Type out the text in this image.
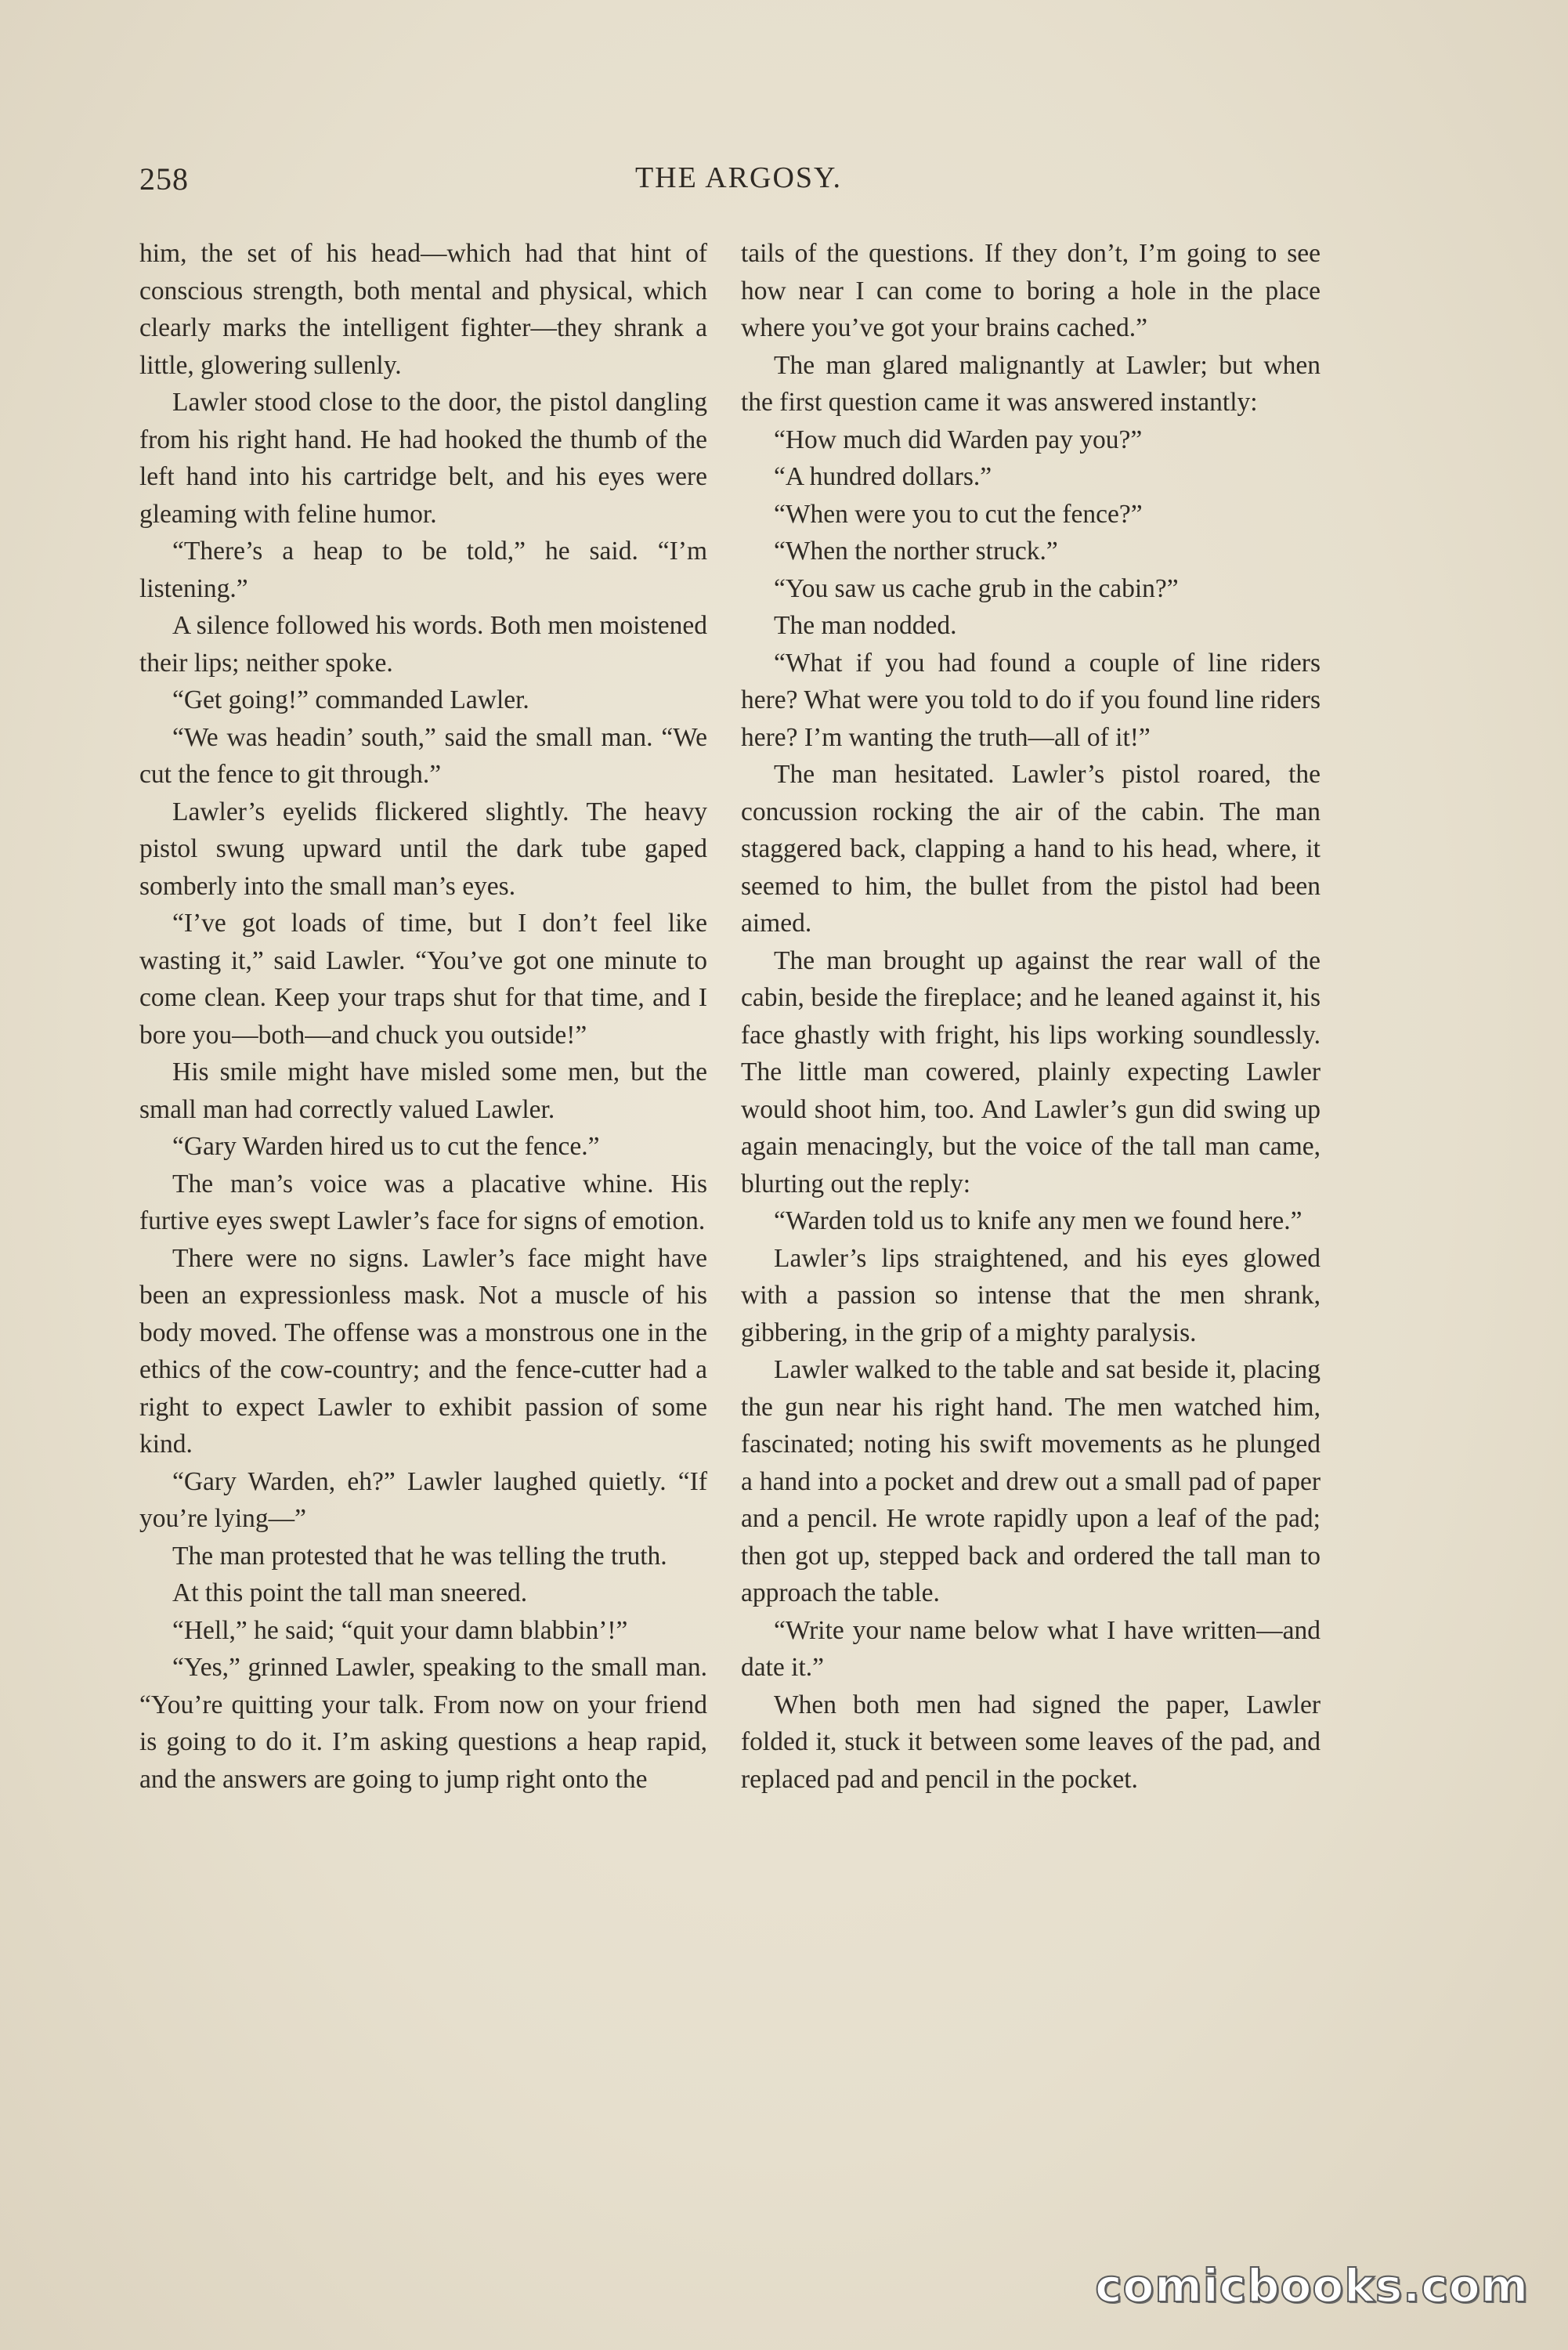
258	THE ARGOSY.

him, the set of his head—which had that hint of conscious strength, both mental and physical, which clearly marks the intelligent fighter—they shrank a little, glowering sullenly.

Lawler stood close to the door, the pistol dangling from his right hand. He had hooked the thumb of the left hand into his cartridge belt, and his eyes were gleaming with feline humor.

“There’s a heap to be told,” he said. “I’m listening.”

A silence followed his words. Both men moistened their lips; neither spoke.

“Get going!” commanded Lawler.

“We was headin’ south,” said the small man. “We cut the fence to git through.”

Lawler’s eyelids flickered slightly. The heavy pistol swung upward until the dark tube gaped somberly into the small man’s eyes.

“I’ve got loads of time, but I don’t feel like wasting it,” said Lawler. “You’ve got one minute to come clean. Keep your traps shut for that time, and I bore you—both—and chuck you outside!”

His smile might have misled some men, but the small man had correctly valued Lawler.

“Gary Warden hired us to cut the fence.”

The man’s voice was a placative whine. His furtive eyes swept Lawler’s face for signs of emotion.

There were no signs. Lawler’s face might have been an expressionless mask. Not a muscle of his body moved. The offense was a monstrous one in the ethics of the cow-country; and the fence-cutter had a right to expect Lawler to exhibit passion of some kind.

“Gary Warden, eh?” Lawler laughed quietly. “If you’re lying—”

The man protested that he was telling the truth.

At this point the tall man sneered.

“Hell,” he said; “quit your damn blabbin’!”

“Yes,” grinned Lawler, speaking to the small man. “You’re quitting your talk. From now on your friend is going to do it. I’m asking questions a heap rapid, and the answers are going to jump right onto the

tails of the questions. If they don’t, I’m going to see how near I can come to boring a hole in the place where you’ve got your brains cached.”

The man glared malignantly at Lawler; but when the first question came it was answered instantly:

“How much did Warden pay you?”

“A hundred dollars.”

“When were you to cut the fence?”

“When the norther struck.”

“You saw us cache grub in the cabin?”

The man nodded.

“What if you had found a couple of line riders here? What were you told to do if you found line riders here? I’m wanting the truth—all of it!”

The man hesitated. Lawler’s pistol roared, the concussion rocking the air of the cabin. The man staggered back, clapping a hand to his head, where, it seemed to him, the bullet from the pistol had been aimed.

The man brought up against the rear wall of the cabin, beside the fireplace; and he leaned against it, his face ghastly with fright, his lips working soundlessly. The little man cowered, plainly expecting Lawler would shoot him, too. And Lawler’s gun did swing up again menacingly, but the voice of the tall man came, blurting out the reply:

“Warden told us to knife any men we found here.”

Lawler’s lips straightened, and his eyes glowed with a passion so intense that the men shrank, gibbering, in the grip of a mighty paralysis.

Lawler walked to the table and sat beside it, placing the gun near his right hand. The men watched him, fascinated; noting his swift movements as he plunged a hand into a pocket and drew out a small pad of paper and a pencil. He wrote rapidly upon a leaf of the pad; then got up, stepped back and ordered the tall man to approach the table.

“Write your name below what I have written—and date it.”

When both men had signed the paper, Lawler folded it, stuck it between some leaves of the pad, and replaced pad and pencil in the pocket.

comicbooks.com
